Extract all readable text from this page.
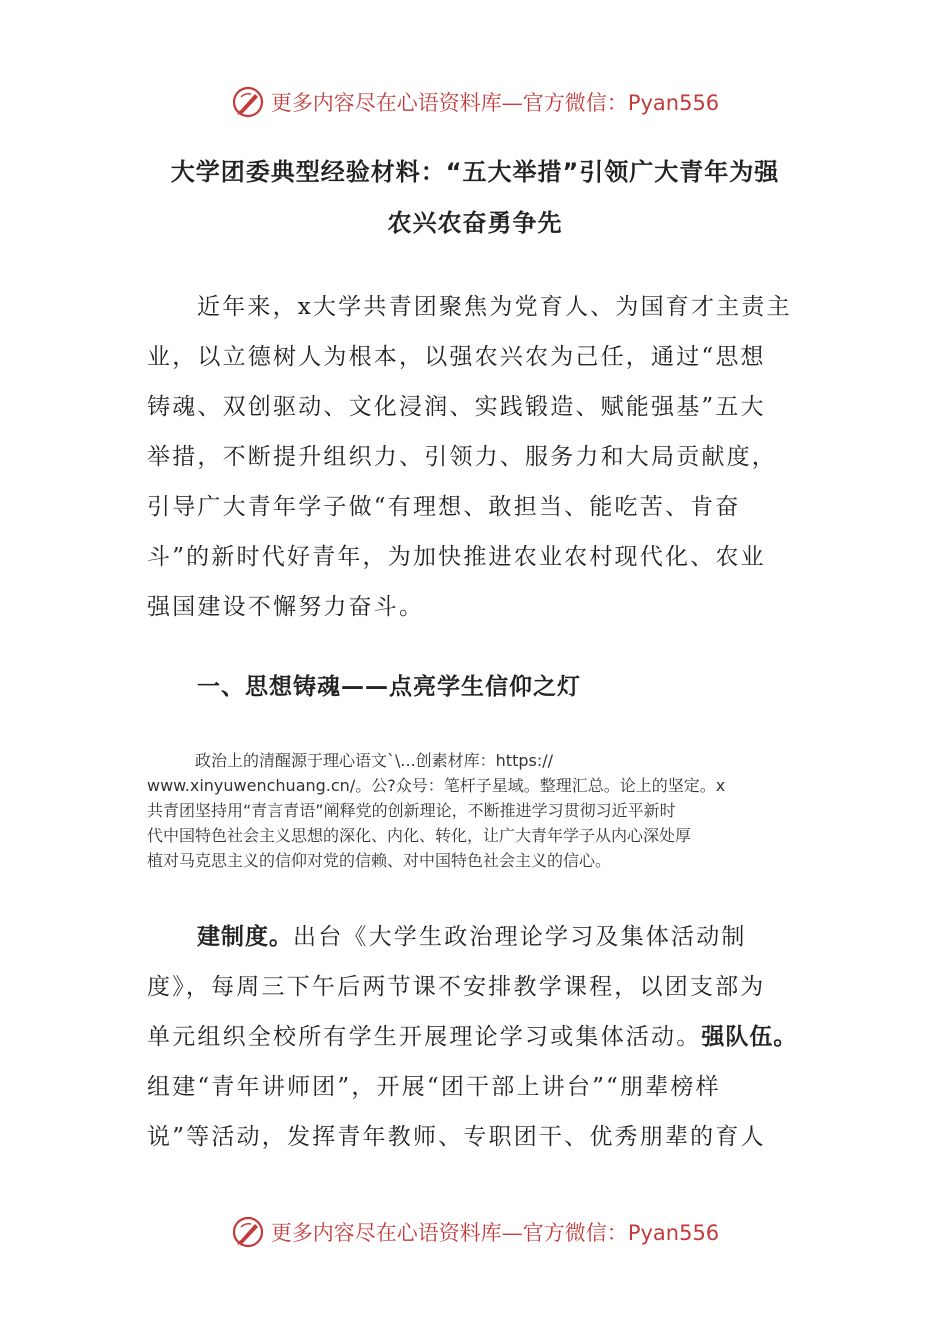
更多内容尽在心语资料库—官方微信：Pyan556
大学团委典型经验材料：“五大举措”引领广大青年为强
农兴农奋勇争先
近年来，x大学共青团聚焦为党育人、为国育才主责主
业，以立德树人为根本，以强农兴农为己任，通过“思想
铸魂、双创驱动、文化浸润、实践锻造、赋能强基”五大
举措，不断提升组织力、引领力、服务力和大局贡献度，
引导广大青年学子做“有理想、敢担当、能吃苦、肯奋
斗”的新时代好青年，为加快推进农业农村现代化、农业
强国建设不懈努力奋斗。
一、思想铸魂——点亮学生信仰之灯
政治上的清醒源于理心语文`\...创素材库：https://
www.xinyuwenchuang.cn/。公?众号：笔杆子星域。整理汇总。论上的坚定。x
共青团坚持用“青言青语”阐释党的创新理论，不断推进学习贯彻习近平新时
代中国特色社会主义思想的深化、内化、转化，让广大青年学子从内心深处厚
植对马克思主义的信仰对党的信赖、对中国特色社会主义的信心。
建制度。出台《大学生政治理论学习及集体活动制
度》，每周三下午后两节课不安排教学课程，以团支部为
单元组织全校所有学生开展理论学习或集体活动。强队伍。
组建“青年讲师团”，开展“团干部上讲台”“朋辈榜样
说”等活动，发挥青年教师、专职团干、优秀朋辈的育人
更多内容尽在心语资料库—官方微信：Pyan556
